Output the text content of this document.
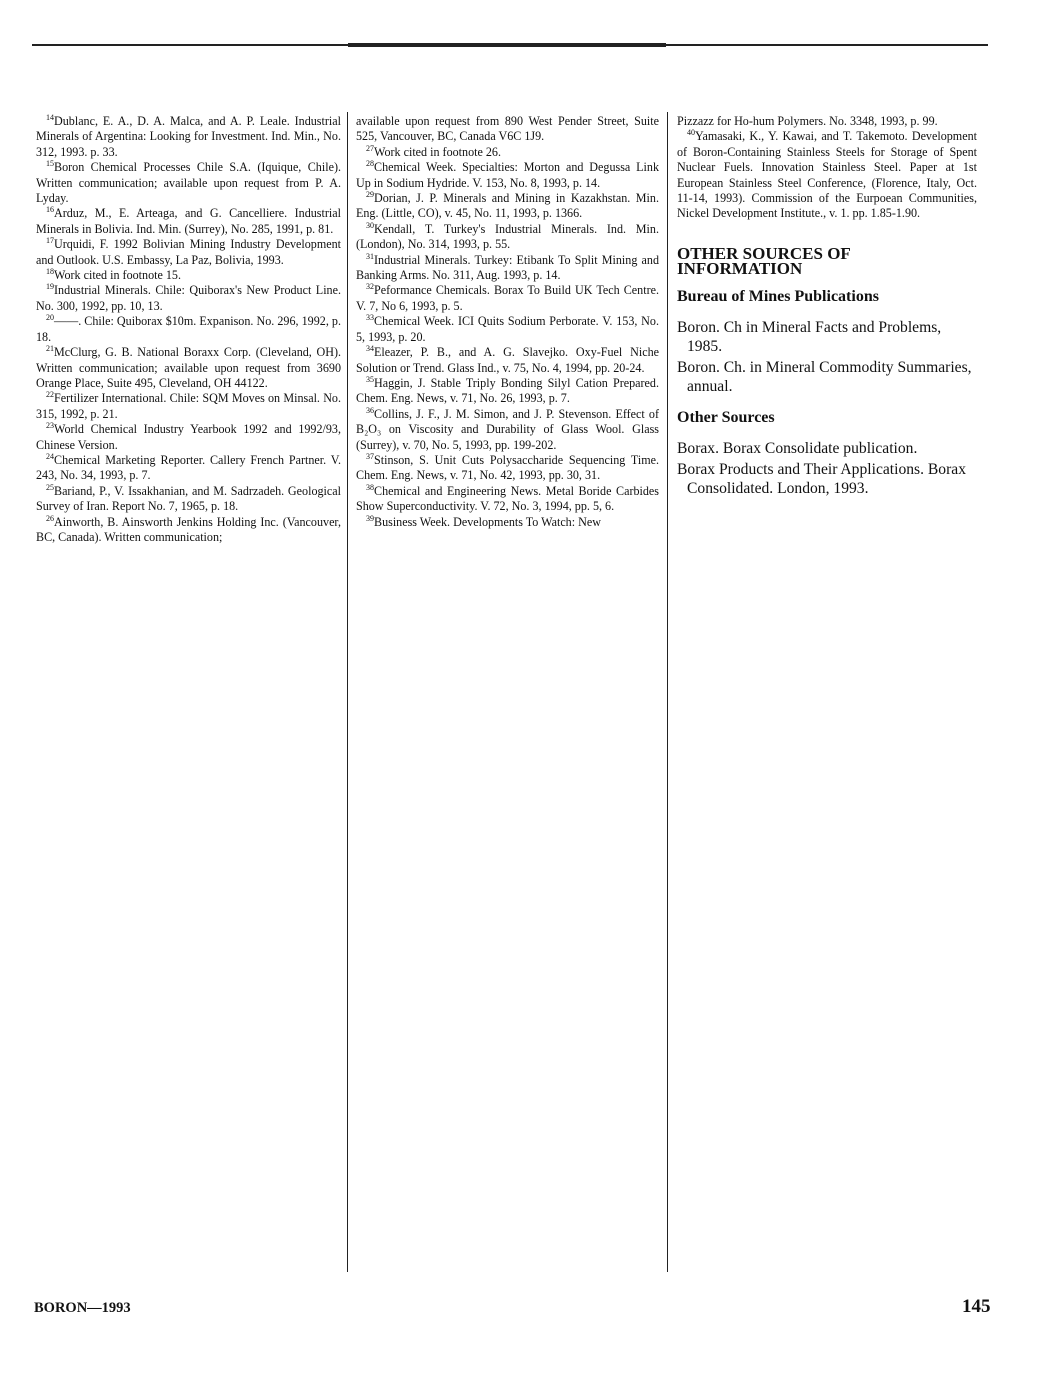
$^{14}$Dublanc, E. A., D. A. Malca, and A. P. Leale. Industrial Minerals of Argentina: Looking for Investment. Ind. Min., No. 312, 1993. p. 33.

$^{15}$Boron Chemical Processes Chile S.A. (Iquique, Chile). Written communication; available upon request from P. A. Lyday.

$^{16}$Arduz, M., E. Arteaga, and G. Cancelliere. Industrial Minerals in Bolivia. Ind. Min. (Surrey), No. 285, 1991, p. 81.

$^{17}$Urquidi, F. 1992 Bolivian Mining Industry Development and Outlook. U.S. Embassy, La Paz, Bolivia, 1993.

$^{18}$Work cited in footnote 15.

$^{19}$Industrial Minerals. Chile: Quiborax's New Product Line. No. 300, 1992, pp. 10, 13.

$^{20}$——. Chile: Quiborax $10m. Expanison. No. 296, 1992, p. 18.

$^{21}$McClurg, G. B. National Boraxx Corp. (Cleveland, OH). Written communication; available upon request from 3690 Orange Place, Suite 495, Cleveland, OH 44122.

$^{22}$Fertilizer International. Chile: SQM Moves on Minsal. No. 315, 1992, p. 21.

$^{23}$World Chemical Industry Yearbook 1992 and 1992/93, Chinese Version.

$^{24}$Chemical Marketing Reporter. Callery French Partner. V. 243, No. 34, 1993, p. 7.

$^{25}$Bariand, P., V. Issakhanian, and M. Sadrzadeh. Geological Survey of Iran. Report No. 7, 1965, p. 18.

$^{26}$Ainworth, B. Ainsworth Jenkins Holding Inc. (Vancouver, BC, Canada). Written communication;

available upon request from 890 West Pender Street, Suite 525, Vancouver, BC, Canada V6C 1J9.

$^{27}$Work cited in footnote 26.

$^{28}$Chemical Week. Specialties: Morton and Degussa Link Up in Sodium Hydride. V. 153, No. 8, 1993, p. 14.

$^{29}$Dorian, J. P. Minerals and Mining in Kazakhstan. Min. Eng. (Little, CO), v. 45, No. 11, 1993, p. 1366.

$^{30}$Kendall, T. Turkey's Industrial Minerals. Ind. Min. (London), No. 314, 1993, p. 55.

$^{31}$Industrial Minerals. Turkey: Etibank To Split Mining and Banking Arms. No. 311, Aug. 1993, p. 14.

$^{32}$Peformance Chemicals. Borax To Build UK Tech Centre. V. 7, No 6, 1993, p. 5.

$^{33}$Chemical Week. ICI Quits Sodium Perborate. V. 153, No. 5, 1993, p. 20.

$^{34}$Eleazer, P. B., and A. G. Slavejko. Oxy-Fuel Niche Solution or Trend. Glass Ind., v. 75, No. 4, 1994, pp. 20-24.

$^{35}$Haggin, J. Stable Triply Bonding Silyl Cation Prepared. Chem. Eng. News, v. 71, No. 26, 1993, p. 7.

$^{36}$Collins, J. F., J. M. Simon, and J. P. Stevenson. Effect of B₂O₃ on Viscosity and Durability of Glass Wool. Glass (Surrey), v. 70, No. 5, 1993, pp. 199-202.

$^{37}$Stinson, S. Unit Cuts Polysaccharide Sequencing Time. Chem. Eng. News, v. 71, No. 42, 1993, pp. 30, 31.

$^{38}$Chemical and Engineering News. Metal Boride Carbides Show Superconductivity. V. 72, No. 3, 1994, pp. 5, 6.

$^{39}$Business Week. Developments To Watch: New

Pizzazz for Ho-hum Polymers. No. 3348, 1993, p. 99.

$^{40}$Yamasaki, K., Y. Kawai, and T. Takemoto. Development of Boron-Containing Stainless Steels for Storage of Spent Nuclear Fuels. Innovation Stainless Steel. Paper at 1st European Stainless Steel Conference, (Florence, Italy, Oct. 11-14, 1993). Commission of the Eurpoean Communities, Nickel Development Institute., v. 1. pp. 1.85-1.90.

OTHER SOURCES OF INFORMATION
Bureau of Mines Publications

Boron. Ch in Mineral Facts and Problems, 1985.

Boron. Ch. in Mineral Commodity Summaries, annual.

Other Sources

Borax. Borax Consolidate publication.

Borax Products and Their Applications. Borax Consolidated. London, 1993.

BORON—1993	145
